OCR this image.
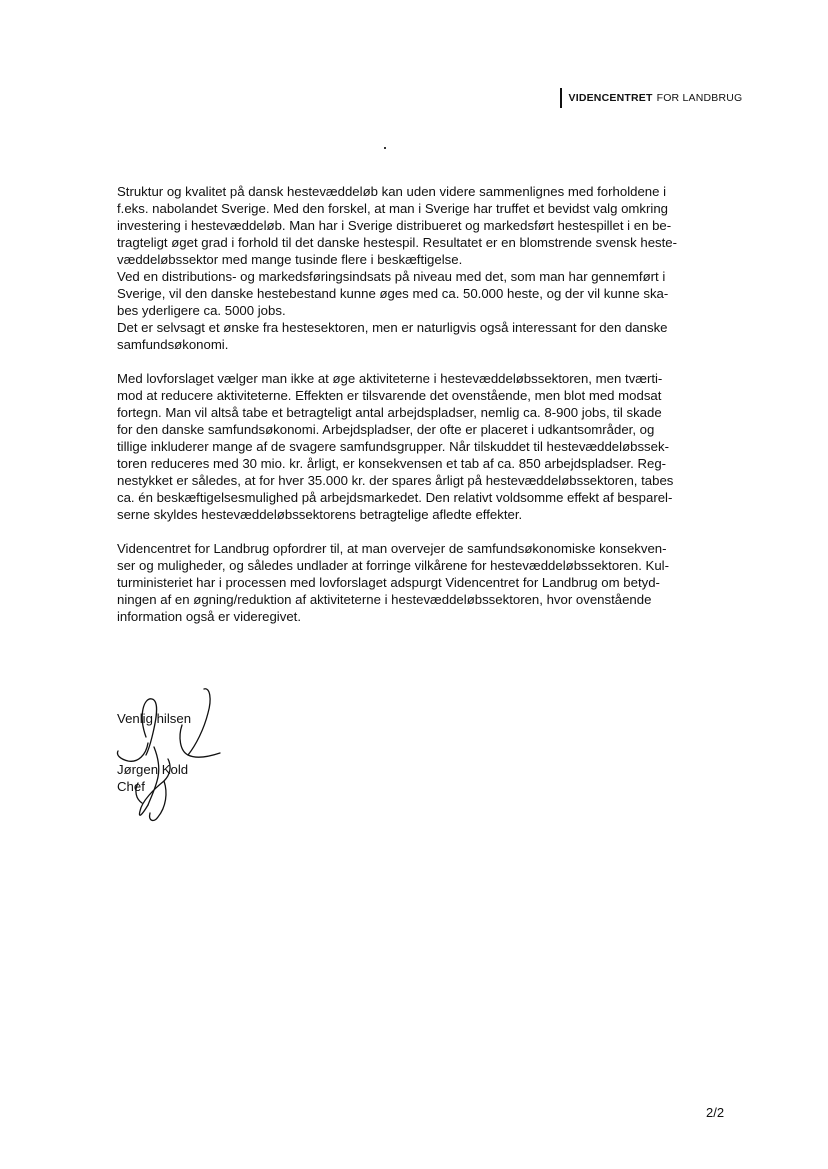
VIDENCENTRET FOR LANDBRUG
Struktur og kvalitet på dansk hestevæddeløb kan uden videre sammenlignes med forholdene i
f.eks. nabolandet Sverige. Med den forskel, at man i Sverige har truffet et bevidst valg omkring
investering i hestevæddeløb. Man har i Sverige distribueret og markedsført hestespillet i en be-
tragteligt øget grad i forhold til det danske hestespil. Resultatet er en blomstrende svensk heste-
væddeløbssektor med mange tusinde flere i beskæftigelse.
Ved en distributions- og markedsføringsindsats på niveau med det, som man har gennemført i
Sverige, vil den danske hestebestand kunne øges med ca. 50.000 heste, og der vil kunne ska-
bes yderligere ca. 5000 jobs.
Det er selvsagt et ønske fra hestesektoren, men er naturligvis også interessant for den danske
samfundsøkonomi.
Med lovforslaget vælger man ikke at øge aktiviteterne i hestevæddeløbssektoren, men tværti-
mod at reducere aktiviteterne. Effekten er tilsvarende det ovenstående, men blot med modsat
fortegn. Man vil altså tabe et betragteligt antal arbejdspladser, nemlig ca. 8-900 jobs, til skade
for den danske samfundsøkonomi. Arbejdspladser, der ofte er placeret i udkantsområder, og
tillige inkluderer mange af de svagere samfundsgrupper. Når tilskuddet til hestevæddeløbssek-
toren reduceres med 30 mio. kr. årligt, er konsekvensen et tab af ca. 850 arbejdspladser. Reg-
nestykket er således, at for hver 35.000 kr. der spares årligt på hestevæddeløbssektoren, tabes
ca. én beskæftigelsesmulighed på arbejdsmarkedet. Den relativt voldsomme effekt af besparel-
serne skyldes hestevæddeløbssektorens betragtelige afledte effekter.
Videncentret for Landbrug opfordrer til, at man overvejer de samfundsøkonomiske konsekven-
ser og muligheder, og således undlader at forringe vilkårene for hestevæddeløbssektoren. Kul-
turministeriet har i processen med lovforslaget adspurgt Videncentret for Landbrug om betyd-
ningen af en øgning/reduktion af aktiviteterne i hestevæddeløbssektoren, hvor ovenstående
information også er videregivet.
Venlig hilsen
Jørgen Kold
Chef
2/2
